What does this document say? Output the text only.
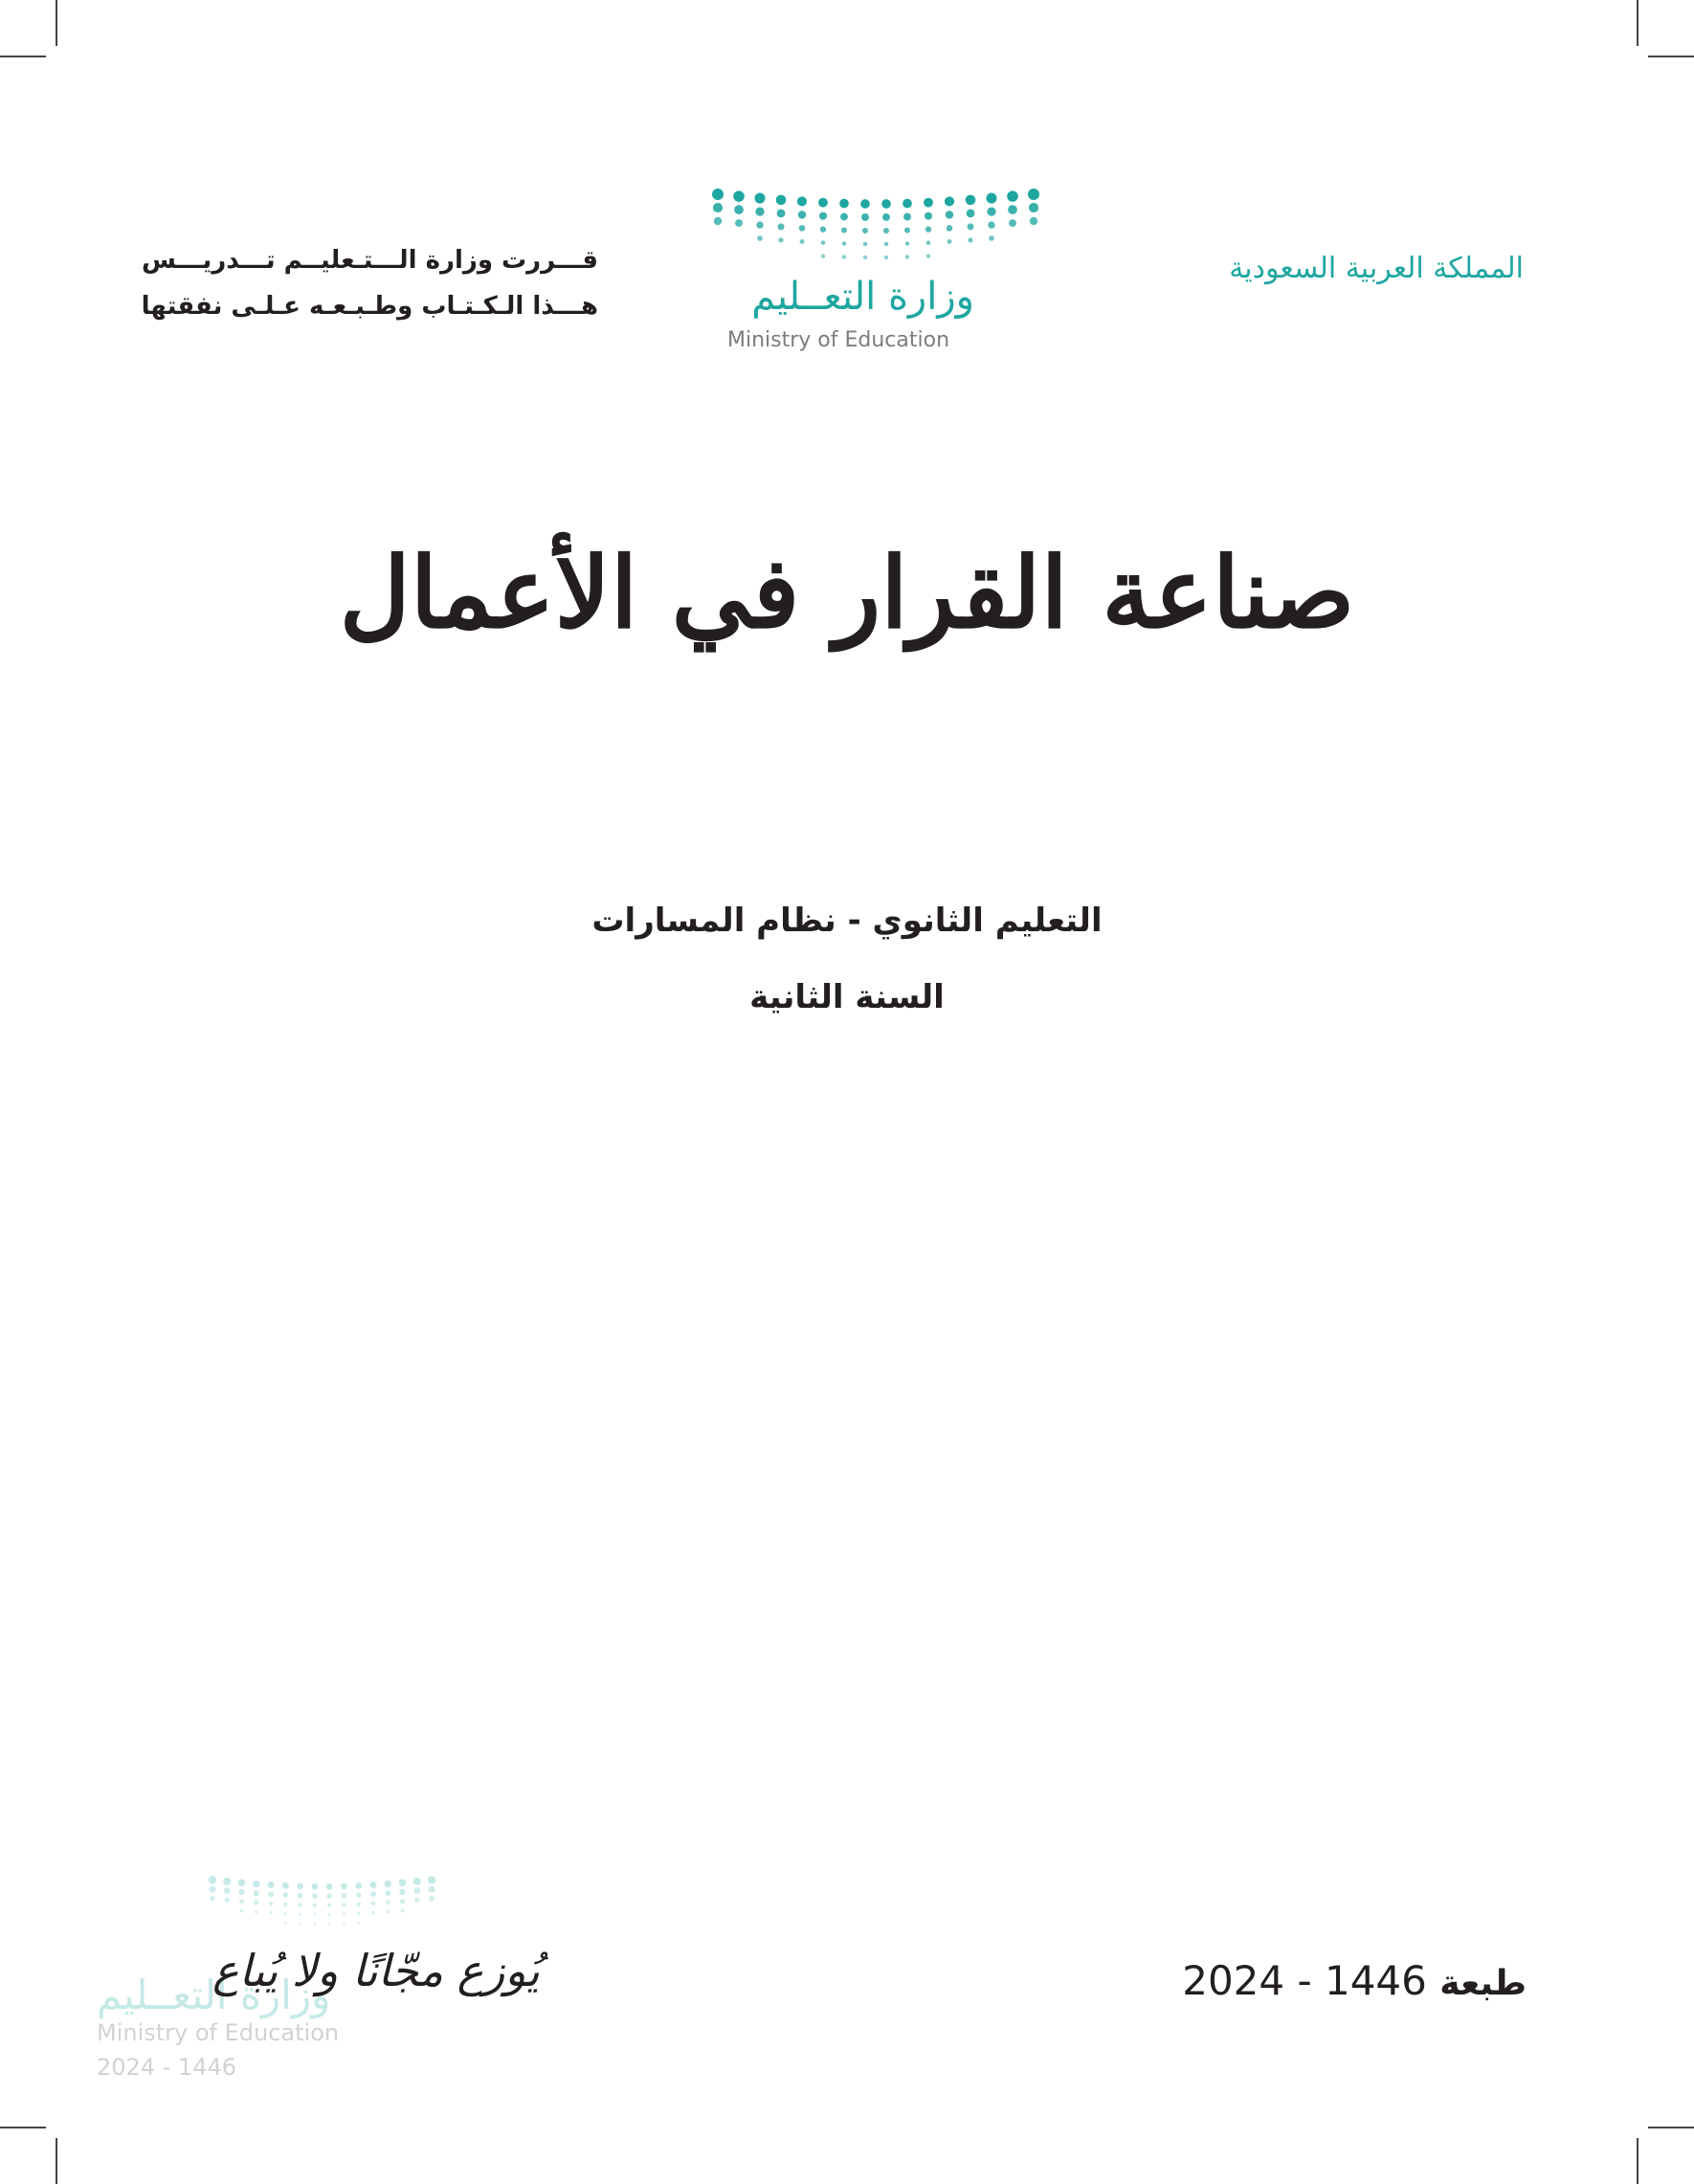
المملكة العربية السعودية
وزارة التعــليم
Ministry of Education
قـــررت وزارة الـــتـعليــم تـــدريـــس
هـــذا الـكـتـاب وطـبـعـه عـلـى نفقتها
صناعة القرار في الأعمال
التعليم الثانوي - نظام المسارات
السنة الثانية
طبعة 1446 - 2024
وزارة التعــليم
Ministry of Education
2024 - 1446
يُوزع مجّانًا ولا يُباع
